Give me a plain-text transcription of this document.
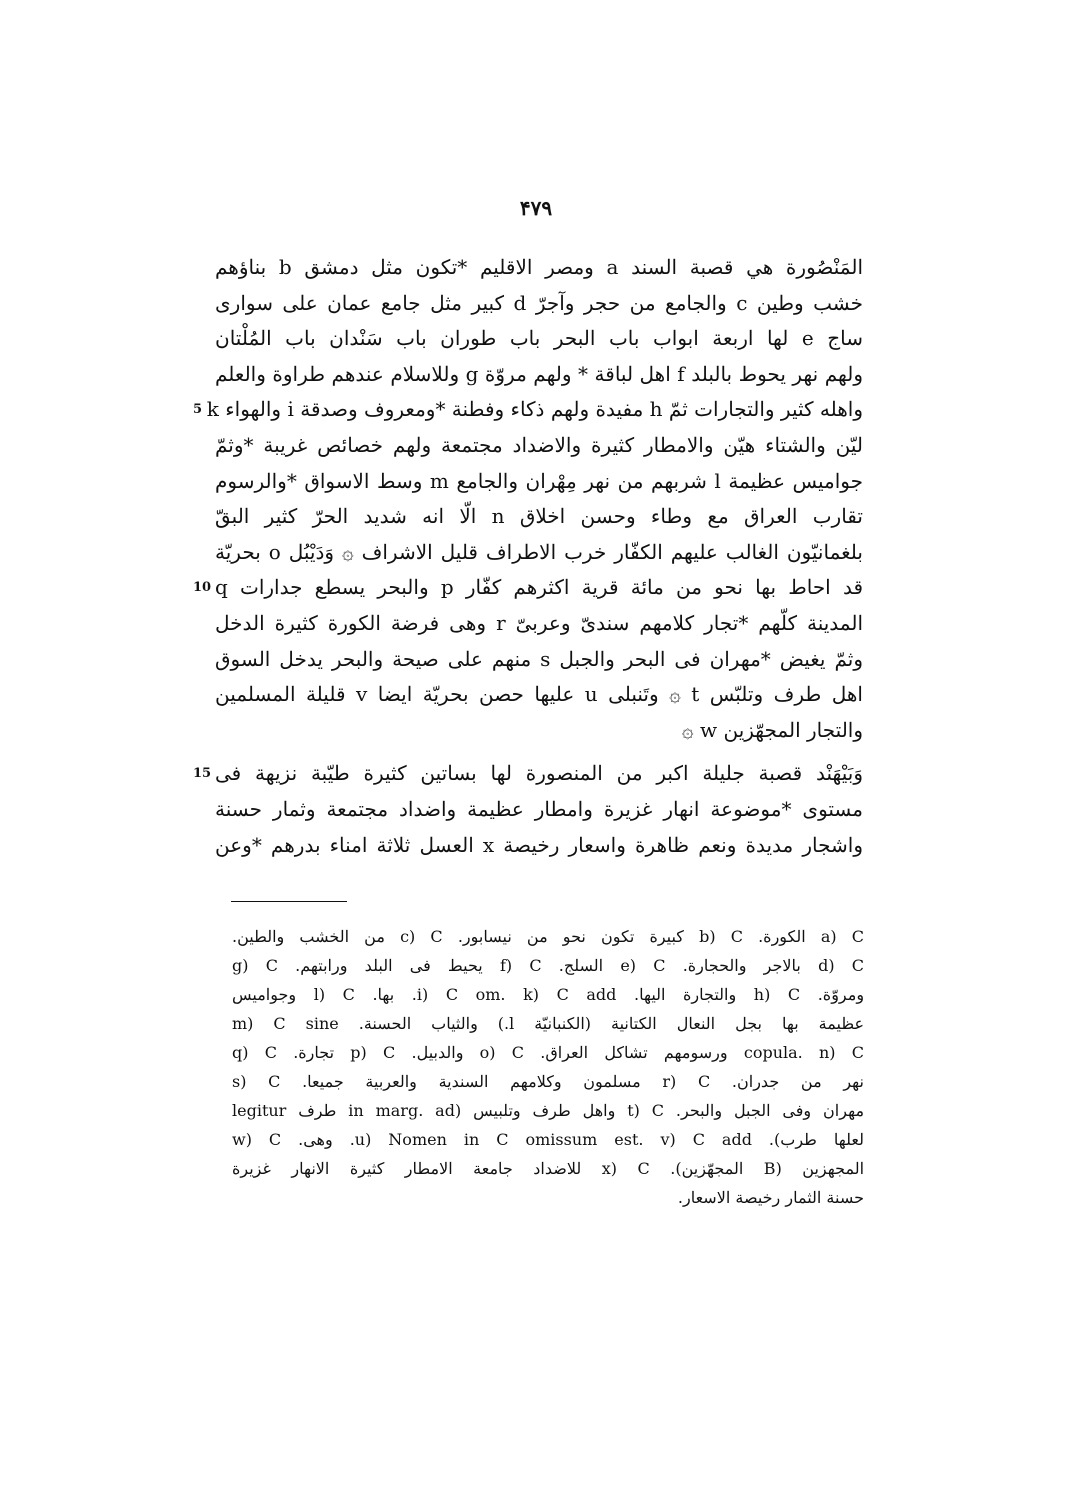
۴۷۹
المَنْصُورة هي قصبة السند a ومصر الاقليم *تكون مثل دمشق b بناؤهم
خشب وطين c والجامع من حجر وآجرّ d كبير مثل جامع عمان على سوارى
ساج e لها اربعة ابواب باب البحر باب طوران باب سَنْدان باب المُلْتان
ولهم نهر يحوط بالبلد f اهل لباقة * ولهم مروّة g وللاسلام عندهم طراوة والعلم
واهله كثير والتجارات ثمّ h مفيدة ولهم ذكاء وفطنة *ومعروف وصدقة i والهواء k
5
ليّن والشتاء هيّن والامطار كثيرة والاضداد مجتمعة ولهم خصائص غريبة *وثمّ
جواميس عظيمة l شربهم من نهر مِهْران والجامع m وسط الاسواق *والرسوم
تقارب العراق مع وطاء وحسن اخلاق n الّا انه شديد الحرّ كثير البقّ
بلغمانيّون الغالب عليهم الكفّار خرب الاطراف قليل الاشراف ۞ وَدَيْبُل o بحريّة
قد احاط بها نحو من مائة قرية اكثرهم كفّار p والبحر يسطع جدارات q
10
المدينة كلّهم *تجار كلامهم سندىّ وعربىّ r وهى فرضة الكورة كثيرة الدخل
وثمّ يغيض *مهران فى البحر والجبل s منهم على صيحة والبحر يدخل السوق
اهل طرف وتلبّس t ۞ وتَنبلى u عليها حصن بحريّة ايضا v قليلة المسلمين
والتجار المجهّزين w ۞
وَبَيْهَنْد قصبة جليلة اكبر من المنصورة لها بساتين كثيرة طيّبة نزيهة فى
15
مستوى *موضوعة انهار غزيرة وامطار عظيمة واضداد مجتمعة وثمار حسنة
واشجار مديدة ونعم ظاهرة واسعار رخيصة x العسل ثلاثة امناء بدرهم *وعن
a) C الكورة. b) C كبيرة تكون نحو من نيسابور. c) C من الخشب والطين.
d) C بالاجر والحجارة. e) C السلج. f) C يحيط فى البلد ورابتهم. g) C
ومروّة. h) C والتجارة اليها. i) C om. k) C add. بها. l) C وجواميس
عظيمة بها بجل النعال الكتانية (الكنبانيّة l.) والثياب الحسنة. m) C sine
copula. n) C ورسومهم تشاكل العراق. o) C والدبيل. p) C تجارة. q) C
نهر من جدران. r) C مسلمون وكلامهم السندية والعربية جميعا. s) C
مهران وفى الجبل والبحر. t) C واهل طرف وتلبيس (in marg. ad طرف legitur
لعلها طرب). u) Nomen in C omissum est. v) C add. وهى. w) C
المجهزين (B المجهّزين). x) C للاضداد جامعة الامطار كثيرة الانهار غزيرة
حسنة الثمار رخيصة الاسعار.
